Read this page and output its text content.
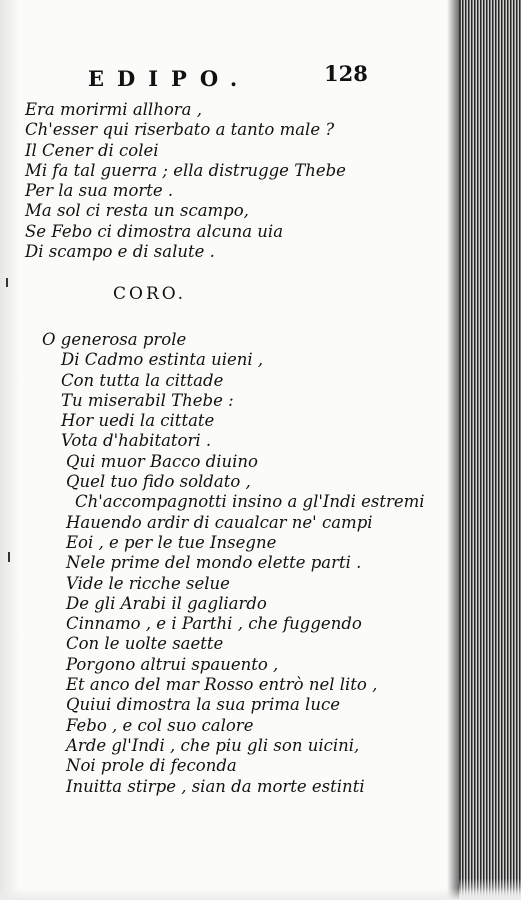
EDIPO.	128
Era morirmi allhora ,
Ch'esser qui riserbato a tanto male ?
Il Cener di colei
Mi fa tal guerra ; ella distrugge Thebe
Per la sua morte .
Ma sol ci resta un scampo,
Se Febo ci dimostra alcuna uia
Di scampo e di salute .
CORO.
O generosa prole
Di Cadmo estinta uieni ,
Con tutta la cittade
Tu miserabil Thebe :
Hor uedi la cittate
Vota d'habitatori .
Qui muor Bacco diuino
Quel tuo fido soldato ,
Ch'accompagnotti insino a gl'Indi estremi
Hauendo ardir di caualcar ne' campi
Eoi , e per le tue Insegne
Nele prime del mondo elette parti .
Vide le ricche selue
De gli Arabi il gagliardo
Cinnamo , e i Parthi , che fuggendo
Con le uolte saette
Porgono altrui spauento ,
Et anco del mar Rosso entrò nel lito ,
Quiui dimostra la sua prima luce
Febo , e col suo calore
Arde gl'Indi , che piu gli son uicini,
Noi prole di feconda
Inuitta stirpe , sian da morte estinti
